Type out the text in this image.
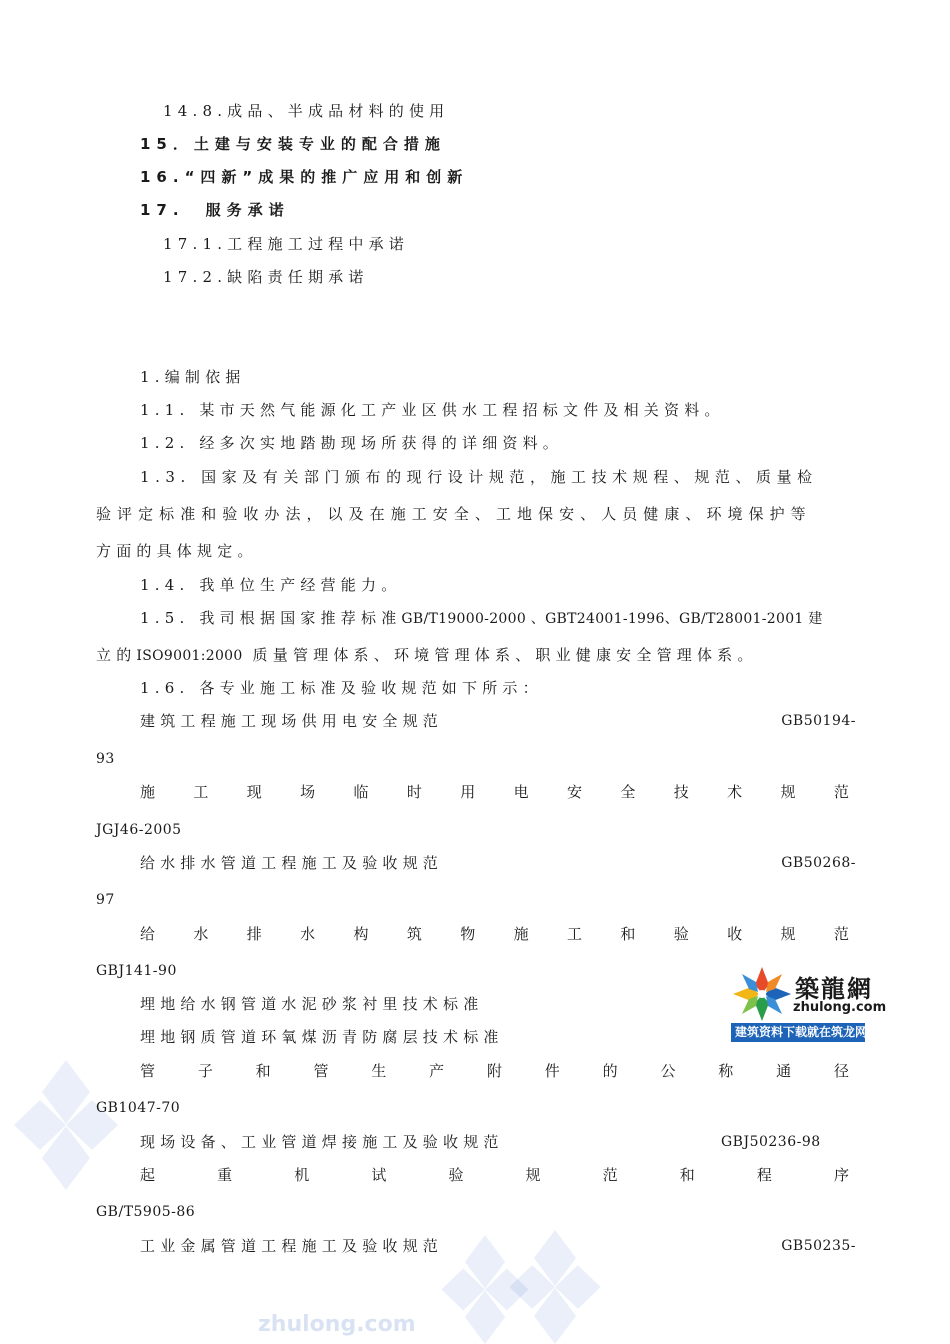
zhulong.com
14.8.成品、半成品材料的使用
15．土建与安装专业的配合措施
16.“四新”成果的推广应用和创新
17.　服务承诺
17.1.工程施工过程中承诺
17.2.缺陷责任期承诺
1.编制依据
1.1. 某市天然气能源化工产业区供水工程招标文件及相关资料。
1.2. 经多次实地踏勘现场所获得的详细资料。
1.3. 国家及有关部门颁布的现行设计规范，施工技术规程、规范、质量检
验评定标准和验收办法，以及在施工安全、工地保安、人员健康、环境保护等
方面的具体规定。
1.4. 我单位生产经营能力。
1.5. 我司根据国家推荐标准GB/T19000-2000 、GBT24001-1996、GB/T28001-2001 建
立的ISO9001:2000 质量管理体系、环境管理体系、职业健康安全管理体系。
1.6. 各专业施工标准及验收规范如下所示：
建筑工程施工现场供用电安全规范	GB50194-
93
施	工	现	场	临	时	用	电	安	全	技	术	规	范
JGJ46-2005
给水排水管道工程施工及验收规范	GB50268-
97
给	水	排	水	构	筑	物	施	工	和	验	收	规	范
GBJ141-90
埋地给水钢管道水泥砂浆衬里技术标准
埋地钢质管道环氧煤沥青防腐层技术标准
管	子	和	管	生	产	附	件	的	公	称	通	径
GB1047-70
现场设备、工业管道焊接施工及验收规范	GBJ50236-98
起	重	机	试	验	规	范	和	程	序
GB/T5905-86
工业金属管道工程施工及验收规范	GB50235-
築龍網
zhulong.com
建筑资料下载就在筑龙网
